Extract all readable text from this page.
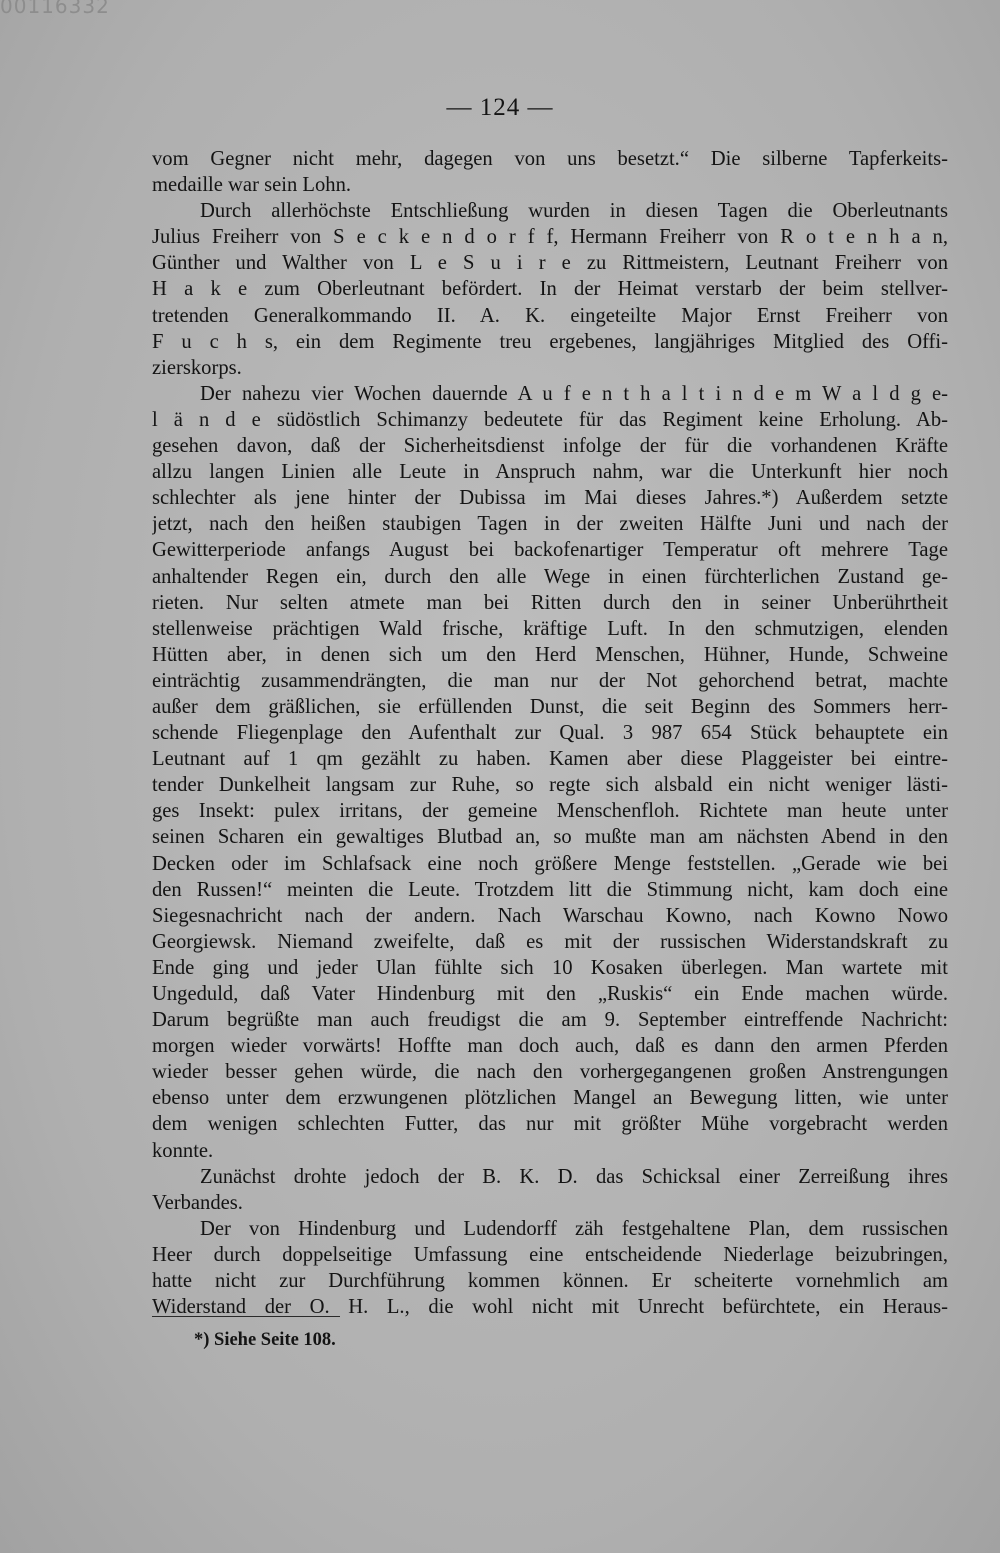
00116332
— 124 —
vom Gegner nicht mehr, dagegen von uns besetzt.“ Die silberne Tapferkeits-
medaille war sein Lohn.
Durch allerhöchste Entschließung wurden in diesen Tagen die Oberleutnants
Julius Freiherr von S e c k e n d o r f f, Hermann Freiherr von R o t e n h a n,
Günther und Walther von L e S u i r e zu Rittmeistern, Leutnant Freiherr von
H a k e zum Oberleutnant befördert. In der Heimat verstarb der beim stellver-
tretenden Generalkommando II. A. K. eingeteilte Major Ernst Freiherr von
F u c h s, ein dem Regimente treu ergebenes, langjähriges Mitglied des Offi-
zierskorps.
Der nahezu vier Wochen dauernde A u f e n t h a l t i n d e m W a l d g e-
l ä n d e südöstlich Schimanzy bedeutete für das Regiment keine Erholung. Ab-
gesehen davon, daß der Sicherheitsdienst infolge der für die vorhandenen Kräfte
allzu langen Linien alle Leute in Anspruch nahm, war die Unterkunft hier noch
schlechter als jene hinter der Dubissa im Mai dieses Jahres.*) Außerdem setzte
jetzt, nach den heißen staubigen Tagen in der zweiten Hälfte Juni und nach der
Gewitterperiode anfangs August bei backofenartiger Temperatur oft mehrere Tage
anhaltender Regen ein, durch den alle Wege in einen fürchterlichen Zustand ge-
rieten. Nur selten atmete man bei Ritten durch den in seiner Unberührtheit
stellenweise prächtigen Wald frische, kräftige Luft. In den schmutzigen, elenden
Hütten aber, in denen sich um den Herd Menschen, Hühner, Hunde, Schweine
einträchtig zusammendrängten, die man nur der Not gehorchend betrat, machte
außer dem gräßlichen, sie erfüllenden Dunst, die seit Beginn des Sommers herr-
schende Fliegenplage den Aufenthalt zur Qual. 3 987 654 Stück behauptete ein
Leutnant auf 1 qm gezählt zu haben. Kamen aber diese Plaggeister bei eintre-
tender Dunkelheit langsam zur Ruhe, so regte sich alsbald ein nicht weniger lästi-
ges Insekt: pulex irritans, der gemeine Menschenfloh. Richtete man heute unter
seinen Scharen ein gewaltiges Blutbad an, so mußte man am nächsten Abend in den
Decken oder im Schlafsack eine noch größere Menge feststellen. „Gerade wie bei
den Russen!“ meinten die Leute. Trotzdem litt die Stimmung nicht, kam doch eine
Siegesnachricht nach der andern. Nach Warschau Kowno, nach Kowno Nowo
Georgiewsk. Niemand zweifelte, daß es mit der russischen Widerstandskraft zu
Ende ging und jeder Ulan fühlte sich 10 Kosaken überlegen. Man wartete mit
Ungeduld, daß Vater Hindenburg mit den „Ruskis“ ein Ende machen würde.
Darum begrüßte man auch freudigst die am 9. September eintreffende Nachricht:
morgen wieder vorwärts! Hoffte man doch auch, daß es dann den armen Pferden
wieder besser gehen würde, die nach den vorhergegangenen großen Anstrengungen
ebenso unter dem erzwungenen plötzlichen Mangel an Bewegung litten, wie unter
dem wenigen schlechten Futter, das nur mit größter Mühe vorgebracht werden
konnte.
Zunächst drohte jedoch der B. K. D. das Schicksal einer Zerreißung ihres
Verbandes.
Der von Hindenburg und Ludendorff zäh festgehaltene Plan, dem russischen
Heer durch doppelseitige Umfassung eine entscheidende Niederlage beizubringen,
hatte nicht zur Durchführung kommen können. Er scheiterte vornehmlich am
Widerstand der O. H. L., die wohl nicht mit Unrecht befürchtete, ein Heraus-
*) Siehe Seite 108.
